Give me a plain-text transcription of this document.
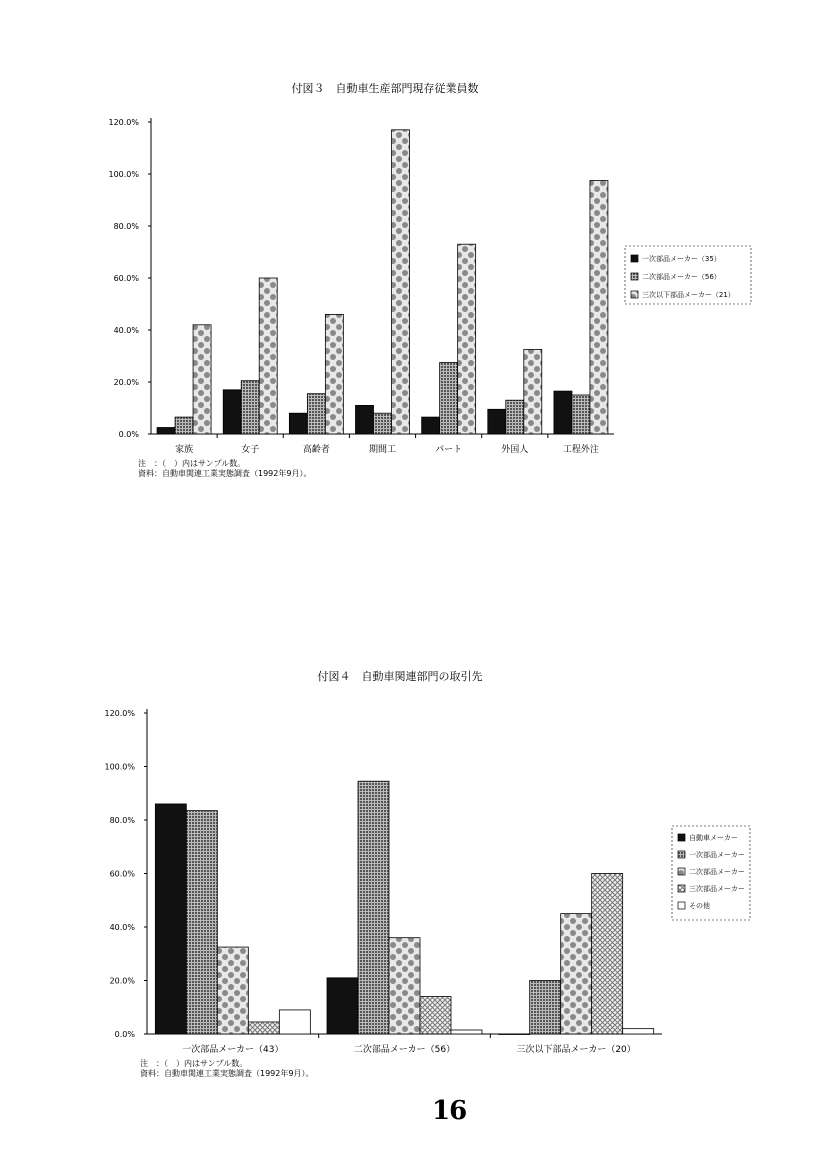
付図３　自動車生産部門現存従業員数
0.0%
20.0%
40.0%
60.0%
80.0%
100.0%
120.0%
家族	女子	高齢者	期間工	パート	外国人	工程外注
注　：（　）内はサンプル数。
資料：自動車関連工業実態調査（1992年9月）。
一次部品メーカー（35）
二次部品メーカー（56）
三次以下部品メーカー（21）
付図４　自動車関連部門の取引先
0.0%
20.0%
40.0%
60.0%
80.0%
100.0%
120.0%
一次部品メーカー（43）	二次部品メーカー（56）	三次以下部品メーカー（20）
注　：（　）内はサンプル数。
資料：自動車関連工業実態調査（1992年9月）。
自動車メーカー
一次部品メーカー
二次部品メーカー
三次部品メーカー
その他
16
